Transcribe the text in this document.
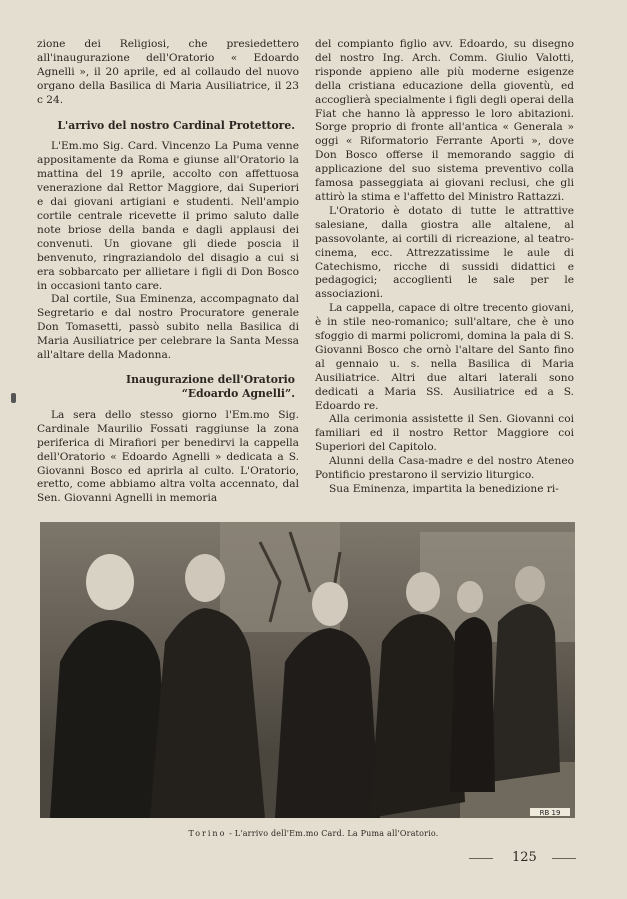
zione dei Religiosi, che presiedettero all'inaugurazione dell'Oratorio « Edoardo Agnelli », il 20 aprile, ed al collaudo del nuovo organo della Basilica di Maria Ausiliatrice, il 23 c 24.

L'arrivo del nostro Cardinal Protettore.

L'Em.mo Sig. Card. Vincenzo La Puma venne appositamente da Roma e giunse all'Oratorio la mattina del 19 aprile, accolto con affettuosa venerazione dal Rettor Maggiore, dai Superiori e dai giovani artigiani e studenti. Nell'ampio cortile centrale ricevette il primo saluto dalle note briose della banda e dagli applausi dei convenuti. Un giovane gli diede poscia il benvenuto, ringraziandolo del disagio a cui si era sobbarcato per allietare i figli di Don Bosco in occasioni tanto care.

Dal cortile, Sua Eminenza, accompagnato dal Segretario e dal nostro Procuratore generale Don Tomasetti, passò subito nella Basilica di Maria Ausiliatrice per celebrare la Santa Messa all'altare della Madonna.

Inaugurazione dell'Oratorio
“Edoardo Agnelli”.

La sera dello stesso giorno l'Em.mo Sig. Cardinale Maurilio Fossati raggiunse la zona periferica di Mirafiori per benedirvi la cappella dell'Oratorio « Edoardo Agnelli » dedicata a S. Giovanni Bosco ed aprirla al culto. L'Oratorio, eretto, come abbiamo altra volta accennato, dal Sen. Giovanni Agnelli in memoria

del compianto figlio avv. Edoardo, su disegno del nostro Ing. Arch. Comm. Giulio Valotti, risponde appieno alle più moderne esigenze della cristiana educazione della gioventù, ed accoglierà specialmente i figli degli operai della Fiat che hanno là appresso le loro abitazioni. Sorge proprio di fronte all'antica « Generala » oggi « Riformatorio Ferrante Aporti », dove Don Bosco offerse il memorando saggio di applicazione del suo sistema preventivo colla famosa passeggiata ai giovani reclusi, che gli attirò la stima e l'affetto del Ministro Rattazzi.

L'Oratorio è dotato di tutte le attrattive salesiane, dalla giostra alle altalene, al passovolante, ai cortili di ricreazione, al teatro-cinema, ecc. Attrezzatissime le aule di Catechismo, ricche di sussidi didattici e pedagogici; accoglienti le sale per le associazioni.

La cappella, capace di oltre trecento giovani, è in stile neo-romanico; sull'altare, che è uno sfoggio di marmi policromi, domina la pala di S. Giovanni Bosco che ornò l'altare del Santo fino al gennaio u. s. nella Basilica di Maria Ausiliatrice. Altri due altari laterali sono dedicati a Maria SS. Ausiliatrice ed a S. Edoardo re.

Alla cerimonia assistette il Sen. Giovanni coi familiari ed il nostro Rettor Maggiore coi Superiori del Capitolo.

Alunni della Casa-madre e del nostro Ateneo Pontificio prestarono il servizio liturgico.

Sua Eminenza, impartita la benedizione ri-

RB 19
Torino - L'arrivo dell'Em.mo Card. La Puma all'Oratorio.
125
